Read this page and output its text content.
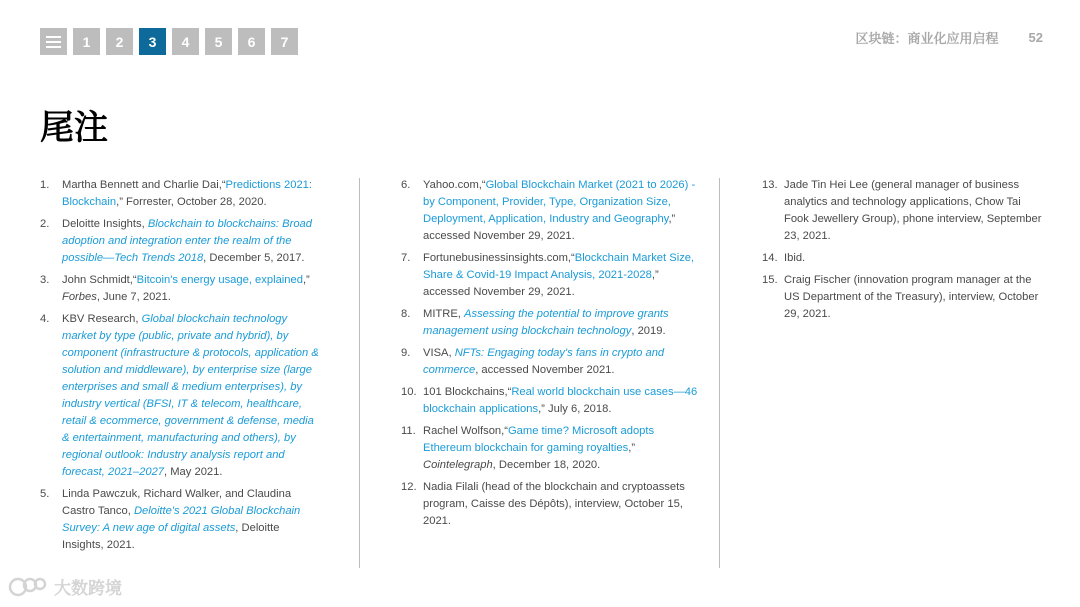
1	2	3	4	5	6	7	区块链：商业化应用启程 52
尾注
1.	Martha Bennett and Charlie Dai,“Predictions 2021: Blockchain,” Forrester, October 28, 2020.
2.	Deloitte Insights, Blockchain to blockchains: Broad adoption and integration enter the realm of the possible—Tech Trends 2018, December 5, 2017.
3.	John Schmidt,“Bitcoin's energy usage, explained,” Forbes, June 7, 2021.
4.	KBV Research, Global blockchain technology market by type (public, private and hybrid), by component (infrastructure & protocols, application & solution and middleware), by enterprise size (large enterprises and small & medium enterprises), by industry vertical (BFSI, IT & telecom, healthcare, retail & ecommerce, government & defense, media & entertainment, manufacturing and others), by regional outlook: Industry analysis report and forecast, 2021–2027, May 2021.
5.	Linda Pawczuk, Richard Walker, and Claudina Castro Tanco, Deloitte's 2021 Global Blockchain Survey: A new age of digital assets, Deloitte Insights, 2021.
6.	Yahoo.com,“Global Blockchain Market (2021 to 2026) - by Component, Provider, Type, Organization Size, Deployment, Application, Industry and Geography,” accessed November 29, 2021.
7.	Fortunebusinessinsights.com,“Blockchain Market Size, Share & Covid-19 Impact Analysis, 2021-2028,” accessed November 29, 2021.
8.	MITRE, Assessing the potential to improve grants management using blockchain technology, 2019.
9.	VISA, NFTs: Engaging today's fans in crypto and commerce, accessed November 2021.
10. 101 Blockchains,“Real world blockchain use cases—46 blockchain applications,” July 6, 2018.
11. Rachel Wolfson,“Game time? Microsoft adopts Ethereum blockchain for gaming royalties,” Cointelegraph, December 18, 2020.
12. Nadia Filali (head of the blockchain and cryptoassets program, Caisse des Dépôts), interview, October 15, 2021.
13. Jade Tin Hei Lee (general manager of business analytics and technology applications, Chow Tai Fook Jewellery Group), phone interview, September 23, 2021.
14. Ibid.
15. Craig Fischer (innovation program manager at the US Department of the Treasury), interview, October 29, 2021.
大数跨境
